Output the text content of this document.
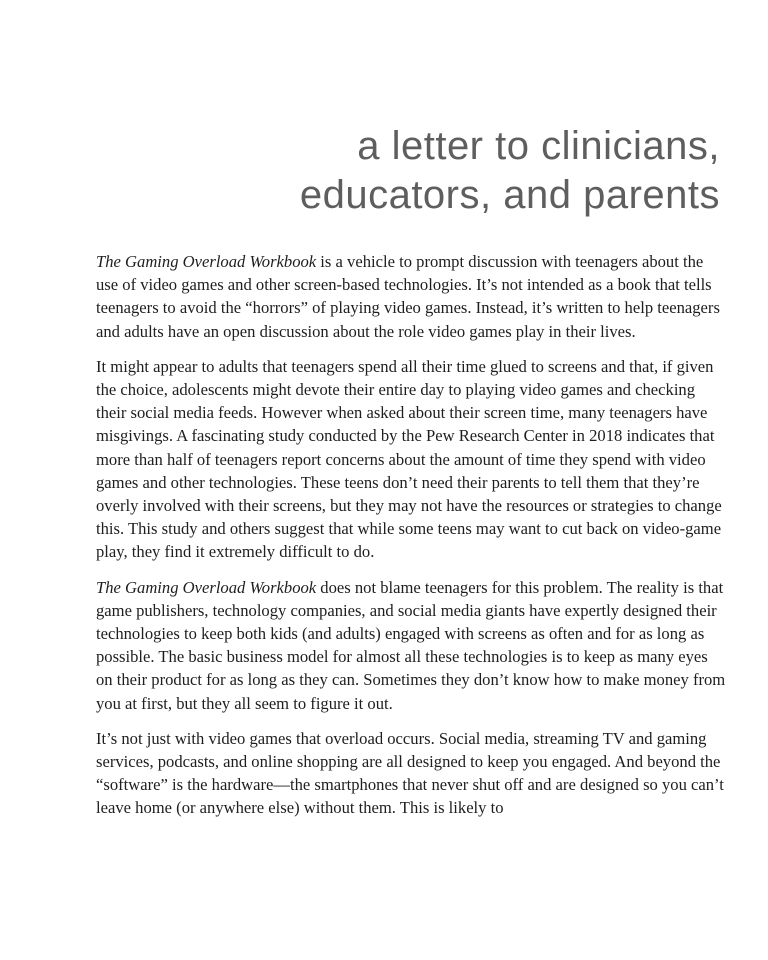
a letter to clinicians,
educators, and parents

The Gaming Overload Workbook is a vehicle to prompt discussion with teenagers about the use of video games and other screen-based technologies. It’s not intended as a book that tells teenagers to avoid the “horrors” of playing video games. Instead, it’s written to help teenagers and adults have an open discussion about the role video games play in their lives.

It might appear to adults that teenagers spend all their time glued to screens and that, if given the choice, adolescents might devote their entire day to playing video games and checking their social media feeds. However when asked about their screen time, many teenagers have misgivings. A fascinating study conducted by the Pew Research Center in 2018 indicates that more than half of teenagers report concerns about the amount of time they spend with video games and other technologies. These teens don’t need their parents to tell them that they’re overly involved with their screens, but they may not have the resources or strategies to change this. This study and others suggest that while some teens may want to cut back on video-game play, they find it extremely difficult to do.

The Gaming Overload Workbook does not blame teenagers for this problem. The reality is that game publishers, technology companies, and social media giants have expertly designed their technologies to keep both kids (and adults) engaged with screens as often and for as long as possible. The basic business model for almost all these technologies is to keep as many eyes on their product for as long as they can. Sometimes they don’t know how to make money from you at first, but they all seem to figure it out.

It’s not just with video games that overload occurs. Social media, streaming TV and gaming services, podcasts, and online shopping are all designed to keep you engaged. And beyond the “software” is the hardware—the smartphones that never shut off and are designed so you can’t leave home (or anywhere else) without them. This is likely to
